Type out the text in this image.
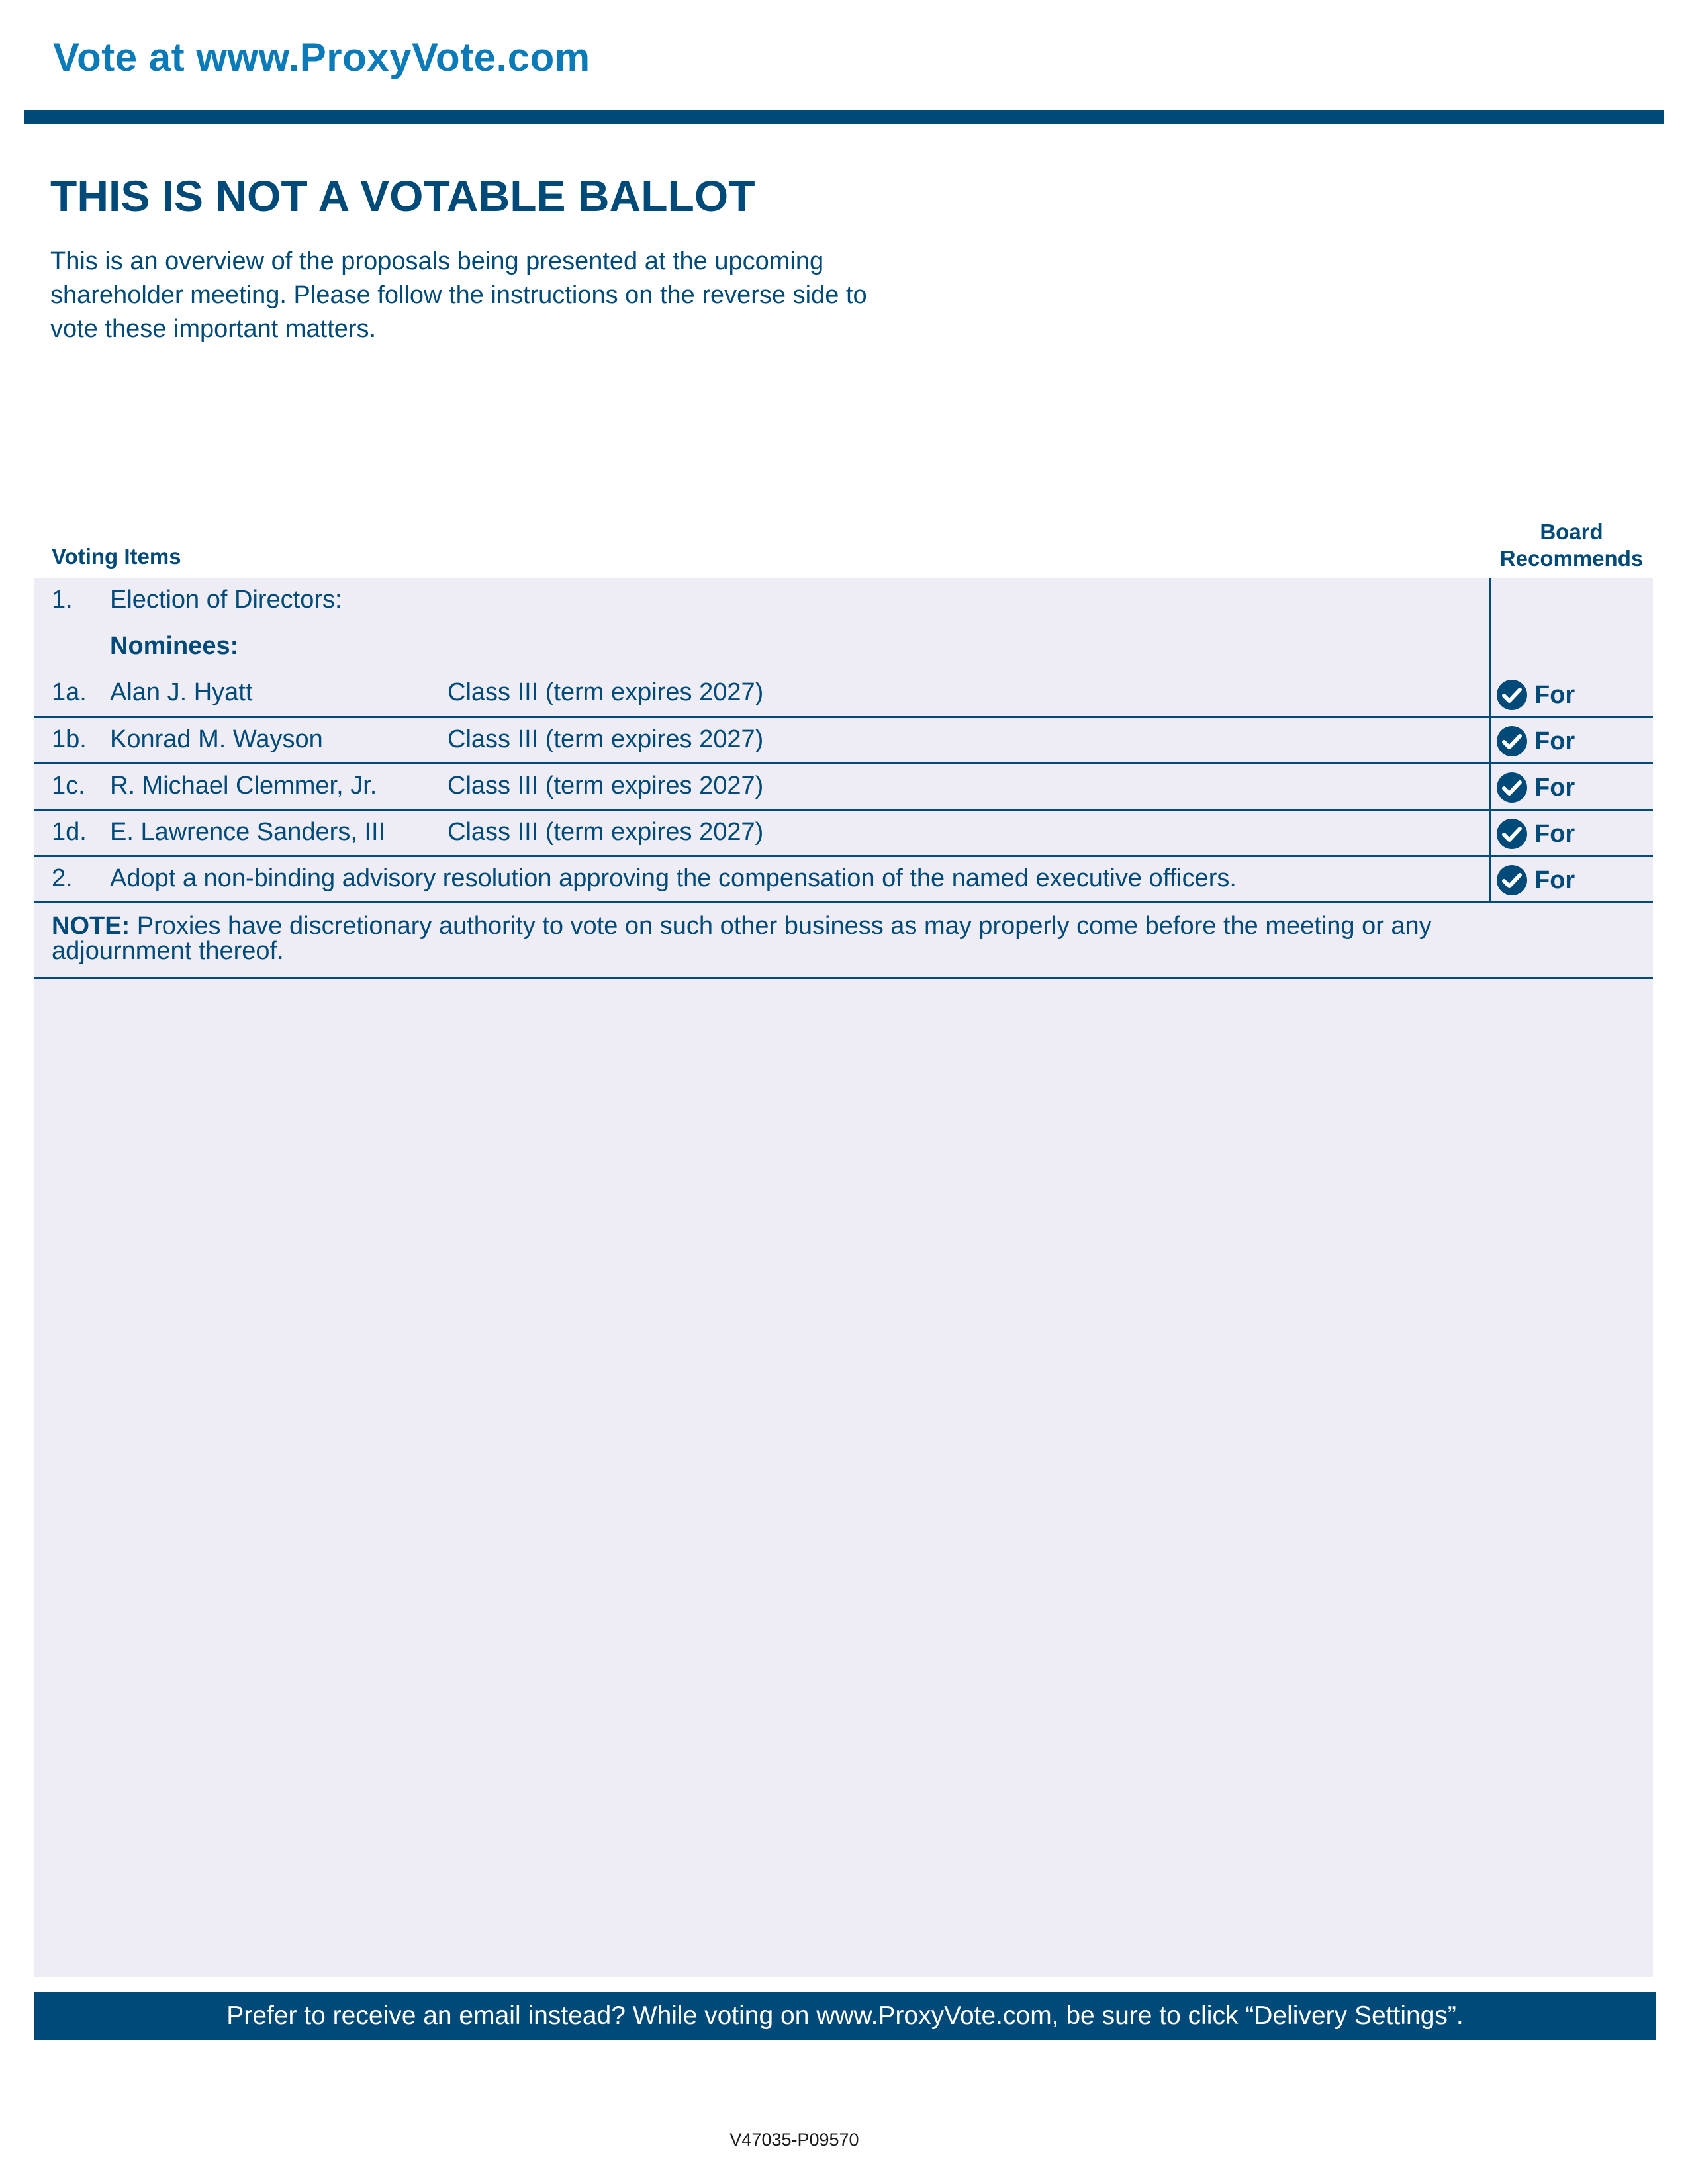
Vote at www.ProxyVote.com
THIS IS NOT A VOTABLE BALLOT
This is an overview of the proposals being presented at the upcoming shareholder meeting. Please follow the instructions on the reverse side to vote these important matters.
Voting Items
Board
Recommends
1. Election of Directors:
Nominees:
1a. Alan J. Hyatt	Class III (term expires 2027)	For
1b. Konrad M. Wayson	Class III (term expires 2027)	For
1c. R. Michael Clemmer, Jr.	Class III (term expires 2027)	For
1d. E. Lawrence Sanders, III Class III (term expires 2027)	For
2. Adopt a non-binding advisory resolution approving the compensation of the named executive officers.	For
NOTE: Proxies have discretionary authority to vote on such other business as may properly come before the meeting or any adjournment thereof.
Prefer to receive an email instead? While voting on www.ProxyVote.com, be sure to click “Delivery Settings”.
V47035-P09570
